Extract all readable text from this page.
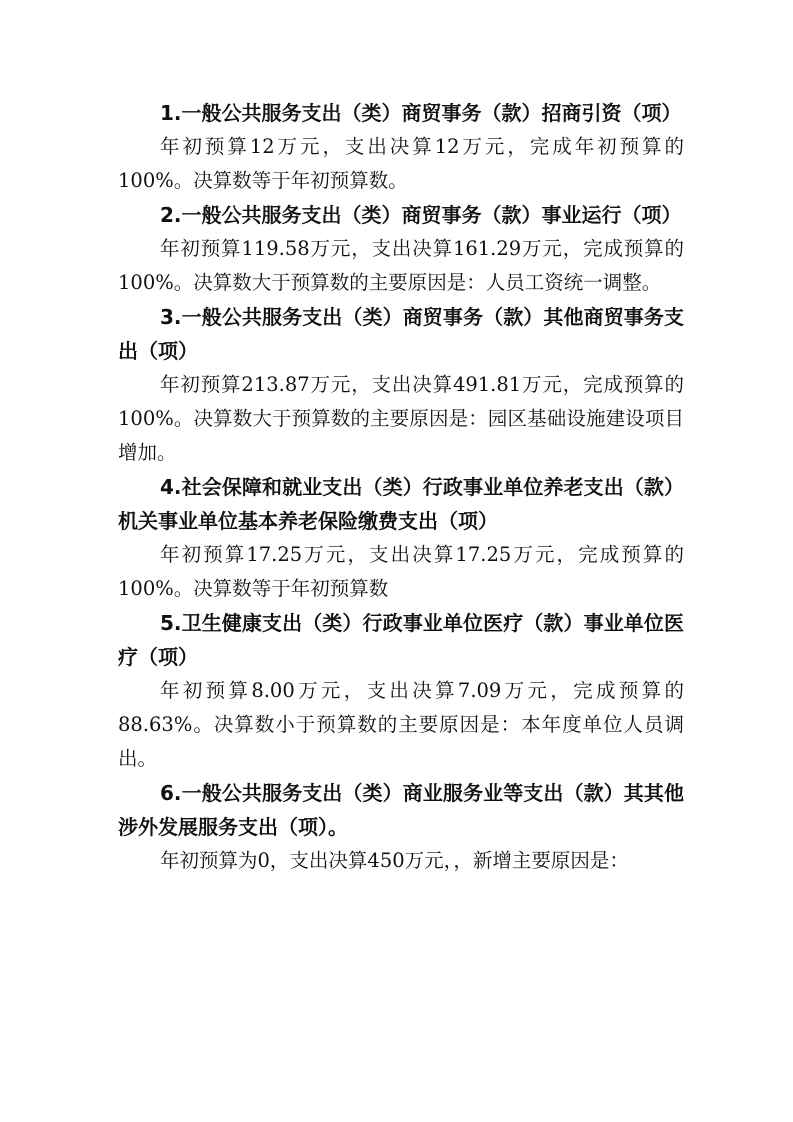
1.一般公共服务支出（类）商贸事务（款）招商引资（项）

年初预算12万元，支出决算12万元，完成年初预算的100%。决算数等于年初预算数。

2.一般公共服务支出（类）商贸事务（款）事业运行（项）

年初预算119.58万元，支出决算161.29万元，完成预算的100%。决算数大于预算数的主要原因是：人员工资统一调整。

3.一般公共服务支出（类）商贸事务（款）其他商贸事务支出（项）

年初预算213.87万元，支出决算491.81万元，完成预算的100%。决算数大于预算数的主要原因是：园区基础设施建设项目增加。

4.社会保障和就业支出（类）行政事业单位养老支出（款）机关事业单位基本养老保险缴费支出（项）

年初预算17.25万元，支出决算17.25万元，完成预算的100%。决算数等于年初预算数

5.卫生健康支出（类）行政事业单位医疗（款）事业单位医疗（项）

年初预算8.00万元，支出决算7.09万元，完成预算的88.63%。决算数小于预算数的主要原因是：本年度单位人员调出。

6.一般公共服务支出（类）商业服务业等支出（款）其其他涉外发展服务支出（项）。

年初预算为0，支出决算450万元，，新增主要原因是：
